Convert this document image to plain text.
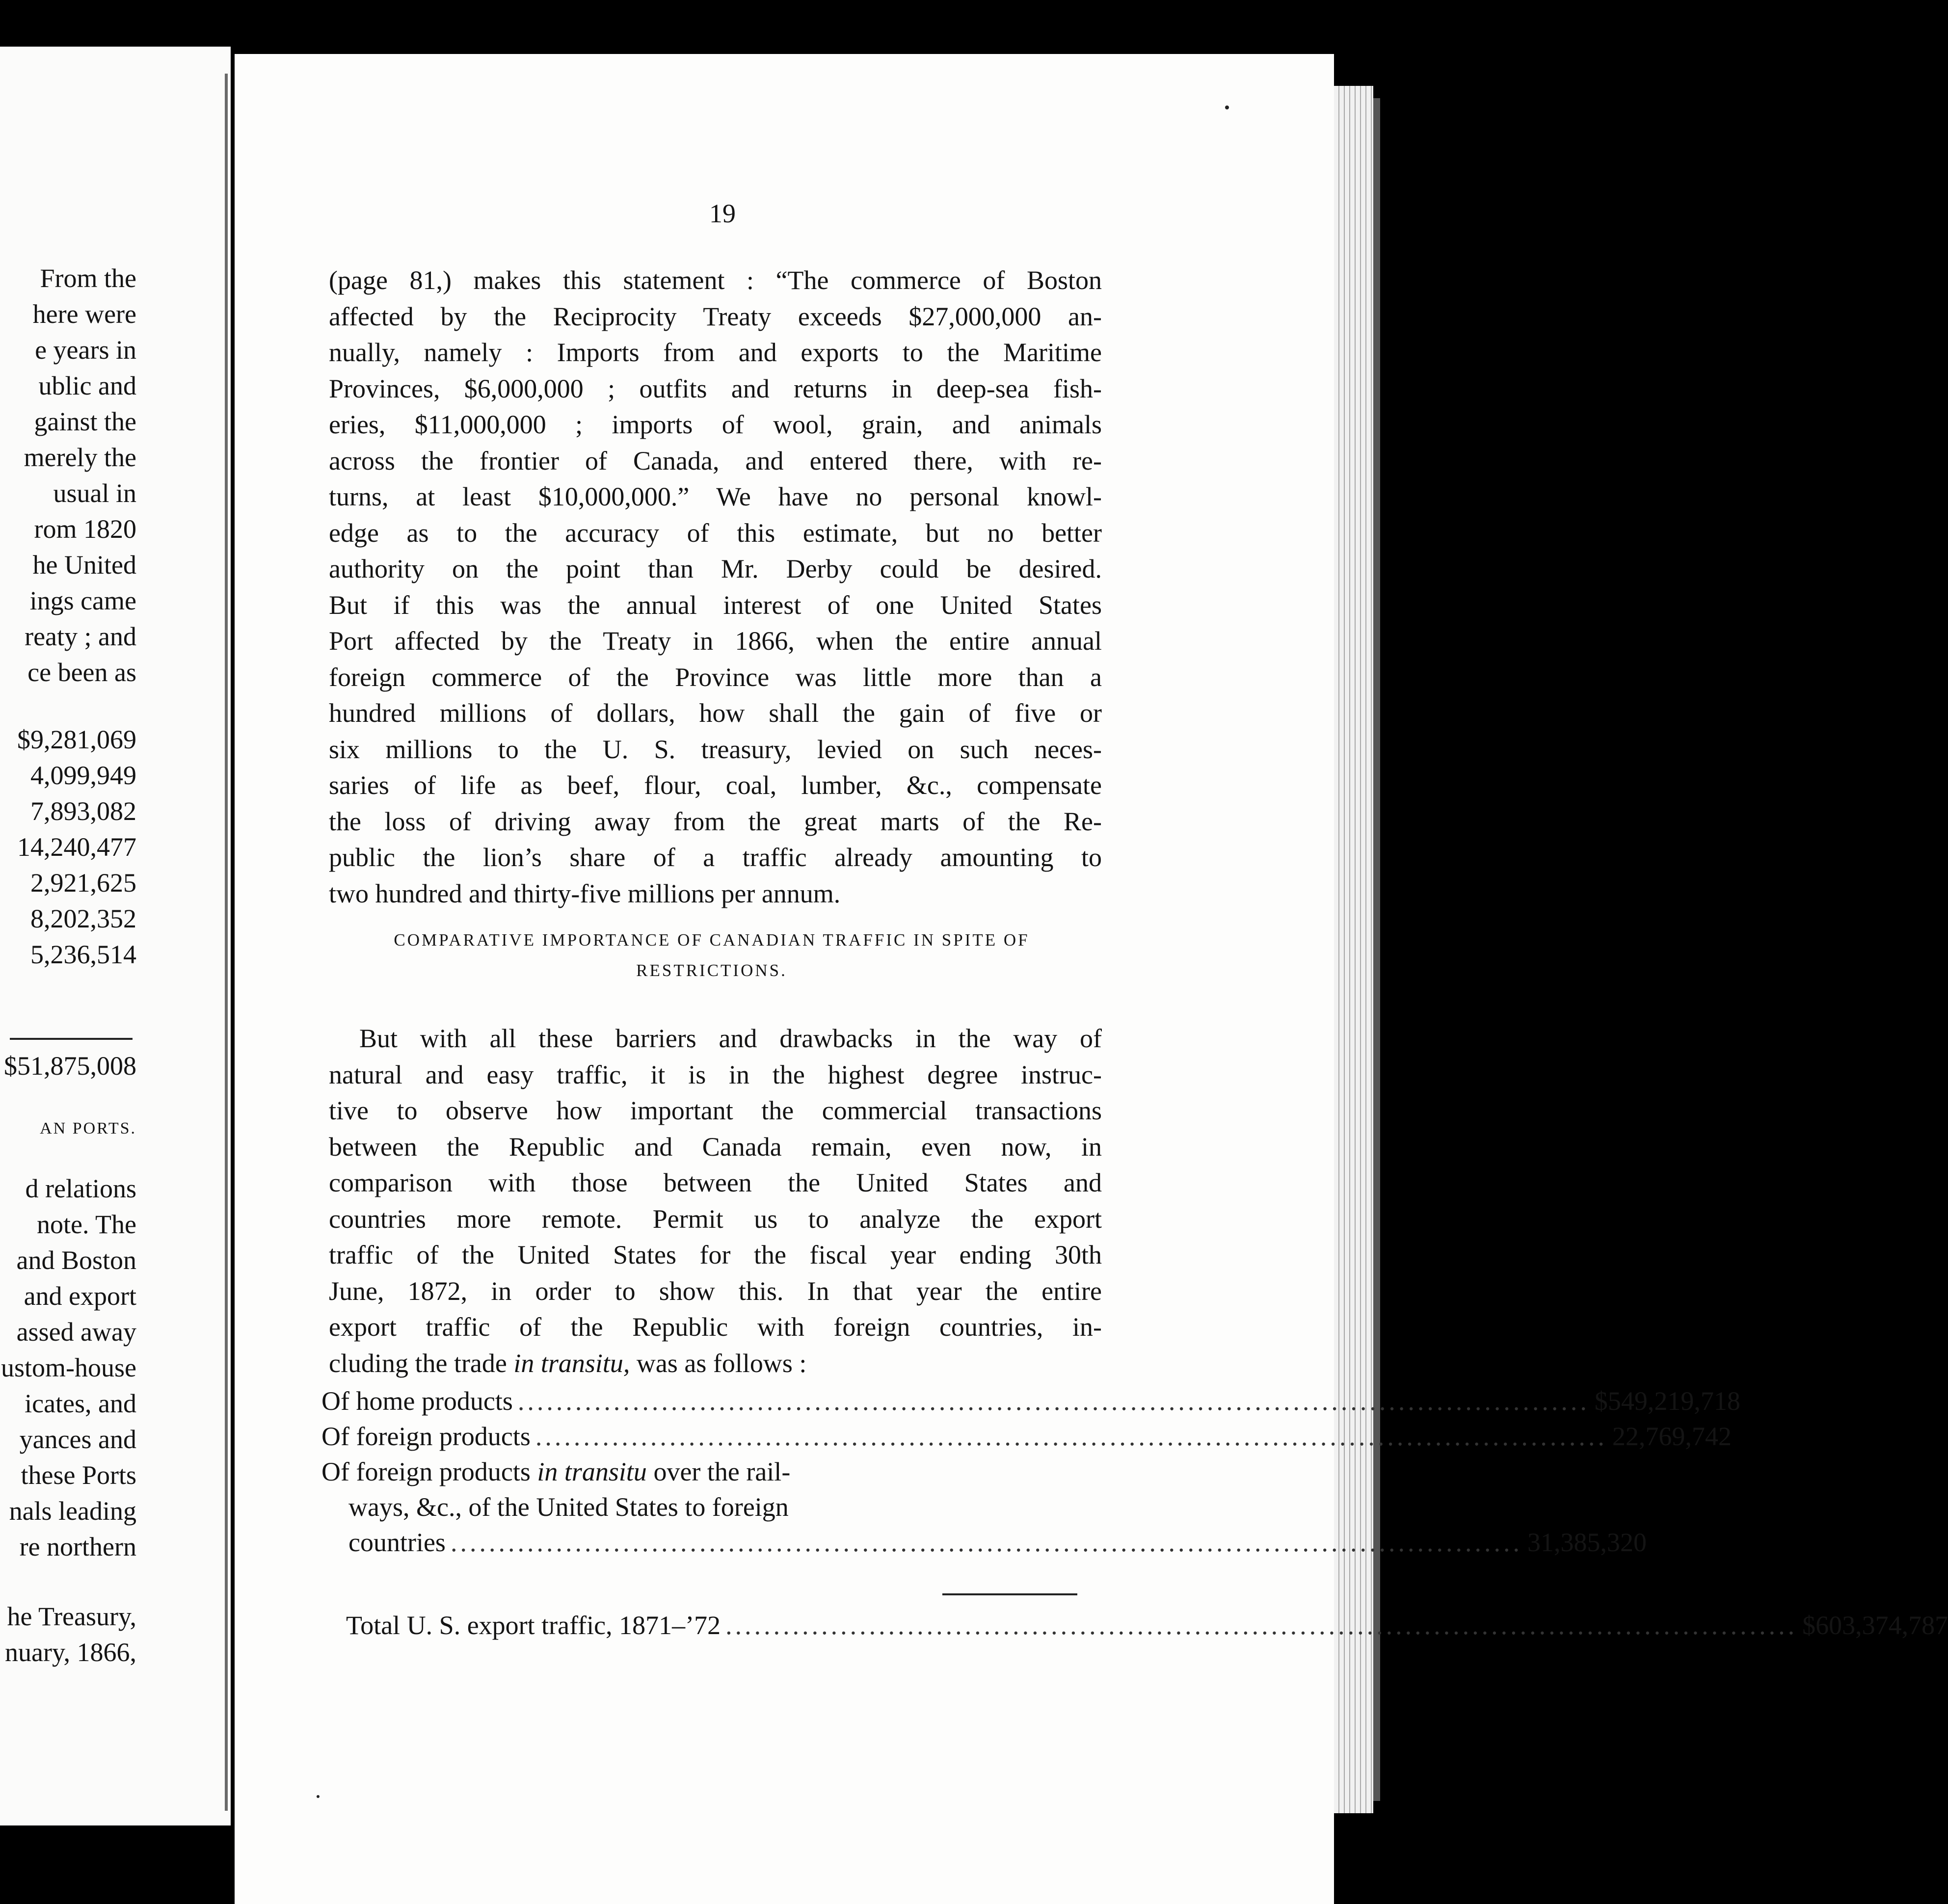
From the
here were
e years in
ublic and
gainst the
merely the
usual in
rom 1820
he United
ings came
reaty ; and
ce been as
$9,281,069
4,099,949
7,893,082
14,240,477
2,921,625
8,202,352
5,236,514
$51,875,008
AN PORTS.
d relations
note. The
and Boston
and export
assed away
ustom-house
icates, and
yances and
these Ports
nals leading
re northern
he Treasury,
nuary, 1866,
19
(page 81,) makes this statement : “The commerce of Boston
affected by the Reciprocity Treaty exceeds $27,000,000 an-
nually, namely : Imports from and exports to the Maritime
Provinces, $6,000,000 ; outfits and returns in deep-sea fish-
eries, $11,000,000 ; imports of wool, grain, and animals
across the frontier of Canada, and entered there, with re-
turns, at least $10,000,000.” We have no personal knowl-
edge as to the accuracy of this estimate, but no better
authority on the point than Mr. Derby could be desired.
But if this was the annual interest of one United States
Port affected by the Treaty in 1866, when the entire annual
foreign commerce of the Province was little more than a
hundred millions of dollars, how shall the gain of five or
six millions to the U. S. treasury, levied on such neces-
saries of life as beef, flour, coal, lumber, &c., compensate
the loss of driving away from the great marts of the Re-
public the lion’s share of a traffic already amounting to
two hundred and thirty-five millions per annum.
COMPARATIVE IMPORTANCE OF CANADIAN TRAFFIC IN SPITE OF
RESTRICTIONS.
But with all these barriers and drawbacks in the way of
natural and easy traffic, it is in the highest degree instruc-
tive to observe how important the commercial transactions
between the Republic and Canada remain, even now, in
comparison with those between the United States and
countries more remote. Permit us to analyze the export
traffic of the United States for the fiscal year ending 30th
June, 1872, in order to show this. In that year the entire
export traffic of the Republic with foreign countries, in-
cluding the trade in transitu, was as follows :
Of home products ................................................................................................................ $549,219,718
Of foreign products ................................................................................................................ 22,769,742
Of foreign products in transitu over the rail-
ways, &c., of the United States to foreign
countries ................................................................................................................ 31,385,320
Total U. S. export traffic, 1871–’72 ................................................................................................................ $603,374,787
